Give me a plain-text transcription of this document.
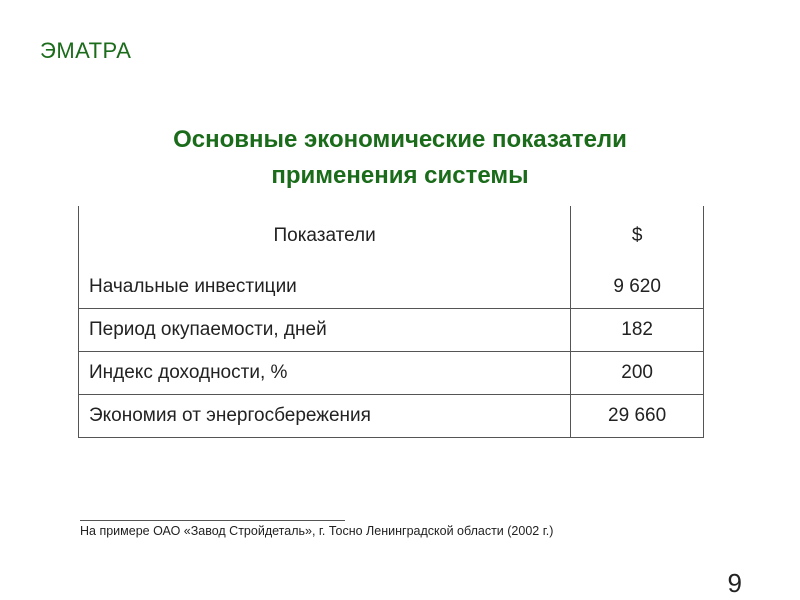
ЭМАТРА
Основные экономические показатели
применения системы
Показатели	$
Начальные инвестиции	9 620
Период окупаемости, дней	182
Индекс доходности, %	200
Экономия от энергосбережения	29 660
На примере ОАО «Завод Стройдеталь», г. Тосно Ленинградской области (2002 г.)
9
